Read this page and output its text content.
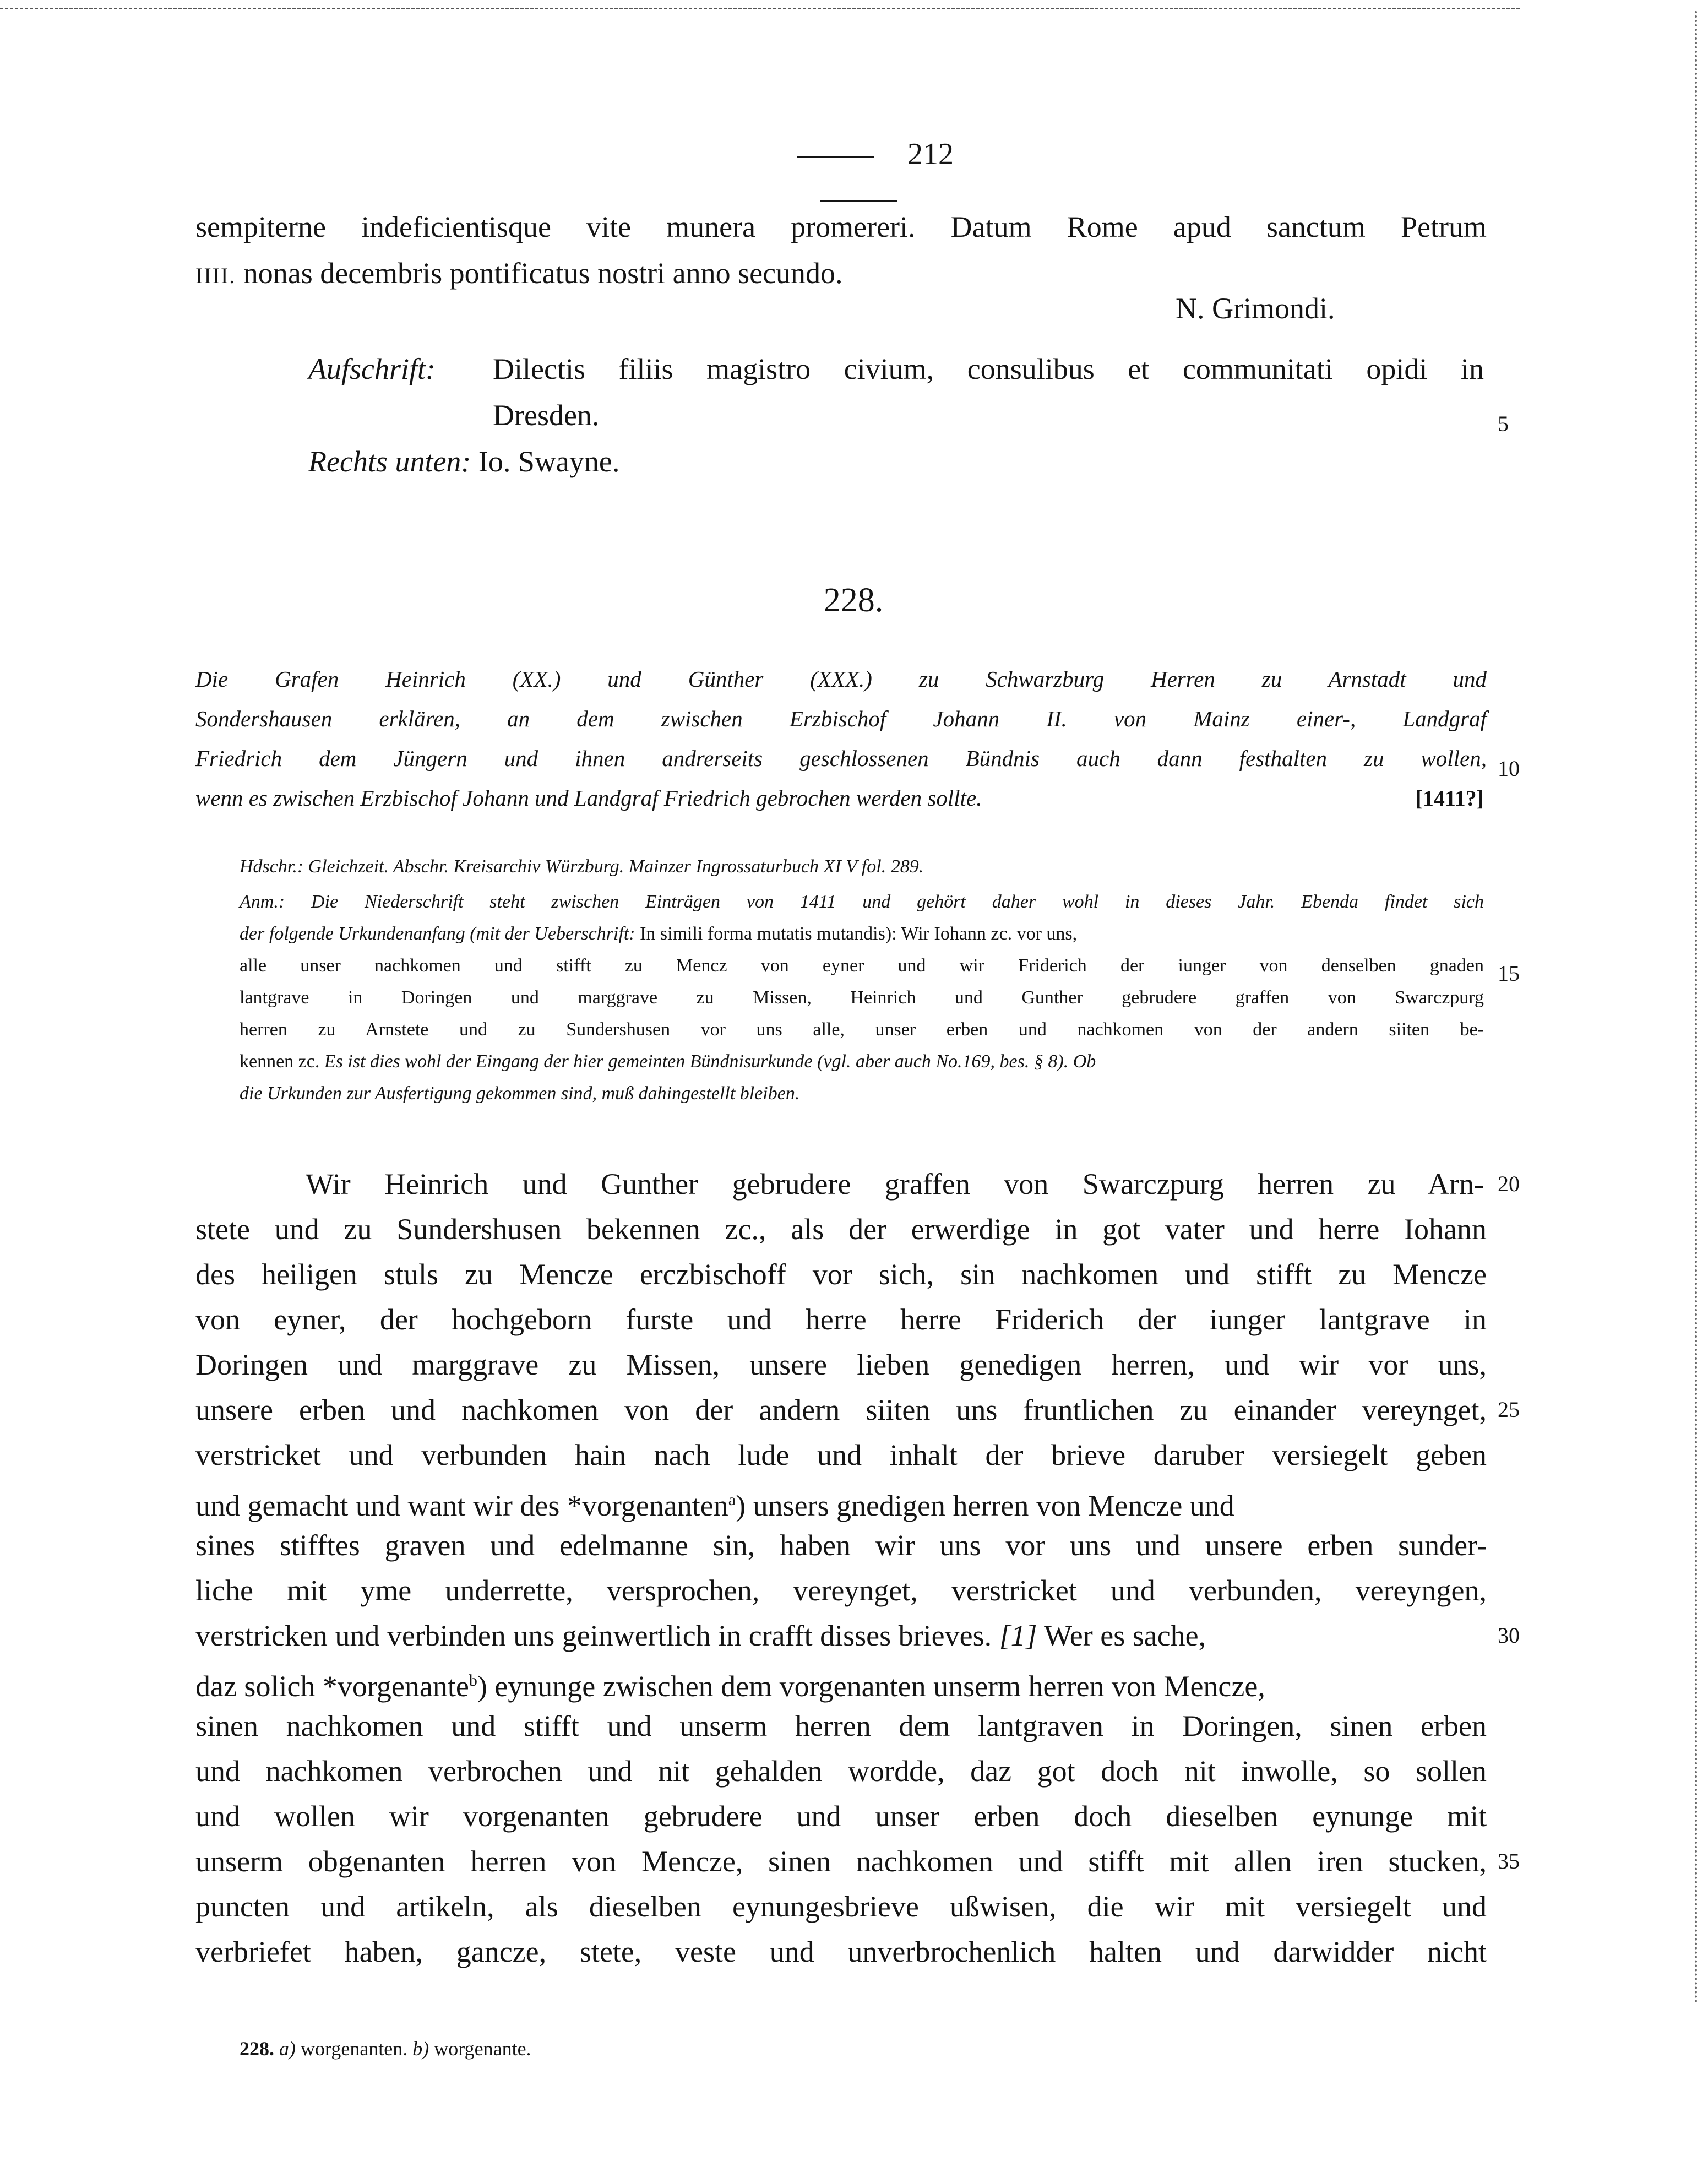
212
sempiterne indeficientisque vite munera promereri. Datum Rome apud sanctum Petrum
IIII. nonas decembris pontificatus nostri anno secundo.
N. Grimondi.
Aufschrift:	Dilectis filiis magistro civium, consulibus et communitati opidi in
Dresden.
Rechts unten: Io. Swayne.
228.
Die Grafen Heinrich (XX.) und Günther (XXX.) zu Schwarzburg Herren zu Arnstadt und
Sondershausen erklären, an dem zwischen Erzbischof Johann II. von Mainz einer-, Landgraf
Friedrich dem Jüngern und ihnen andrerseits geschlossenen Bündnis auch dann festhalten zu wollen,
wenn es zwischen Erzbischof Johann und Landgraf Friedrich gebrochen werden sollte.	[1411?]
Hdschr.: Gleichzeit. Abschr. Kreisarchiv Würzburg. Mainzer Ingrossaturbuch XI V fol. 289.
Anm.: Die Niederschrift steht zwischen Einträgen von 1411 und gehört daher wohl in dieses Jahr. Ebenda findet sich
der folgende Urkundenanfang (mit der Ueberschrift: In simili forma mutatis mutandis): Wir Iohann zc. vor uns,
alle unser nachkomen und stifft zu Mencz von eyner und wir Friderich der iunger von denselben gnaden
lantgrave in Doringen und marggrave zu Missen, Heinrich und Gunther gebrudere graffen von Swarczpurg
herren zu Arnstete und zu Sundershusen vor uns alle, unser erben und nachkomen von der andern siiten be-
kennen zc. Es ist dies wohl der Eingang der hier gemeinten Bündnisurkunde (vgl. aber auch No.169, bes. § 8). Ob
die Urkunden zur Ausfertigung gekommen sind, muß dahingestellt bleiben.
Wir Heinrich und Gunther gebrudere graffen von Swarczpurg herren zu Arn-
stete und zu Sundershusen bekennen zc., als der erwerdige in got vater und herre Iohann
des heiligen stuls zu Mencze erczbischoff vor sich, sin nachkomen und stifft zu Mencze
von eyner, der hochgeborn furste und herre herre Friderich der iunger lantgrave in
Doringen und marggrave zu Missen, unsere lieben genedigen herren, und wir vor uns,
unsere erben und nachkomen von der andern siiten uns fruntlichen zu einander vereynget,
verstricket und verbunden hain nach lude und inhalt der brieve daruber versiegelt geben
und gemacht und want wir des *vorgenanten$^a$) unsers gnedigen herren von Mencze und
sines stifftes graven und edelmanne sin, haben wir uns vor uns und unsere erben sunder-
liche mit yme underrette, versprochen, vereynget, verstricket und verbunden, vereyngen,
verstricken und verbinden uns geinwertlich in crafft disses brieves. [1] Wer es sache,
daz solich *vorgenante$^b$) eynunge zwischen dem vorgenanten unserm herren von Mencze,
sinen nachkomen und stifft und unserm herren dem lantgraven in Doringen, sinen erben
und nachkomen verbrochen und nit gehalden wordde, daz got doch nit inwolle, so sollen
und wollen wir vorgenanten gebrudere und unser erben doch dieselben eynunge mit
unserm obgenanten herren von Mencze, sinen nachkomen und stifft mit allen iren stucken,
puncten und artikeln, als dieselben eynungesbrieve ußwisen, die wir mit versiegelt und
verbriefet haben, gancze, stete, veste und unverbrochenlich halten und darwidder nicht
228. a) worgenanten. b) worgenante.
5
10
15
20
25
30
35
